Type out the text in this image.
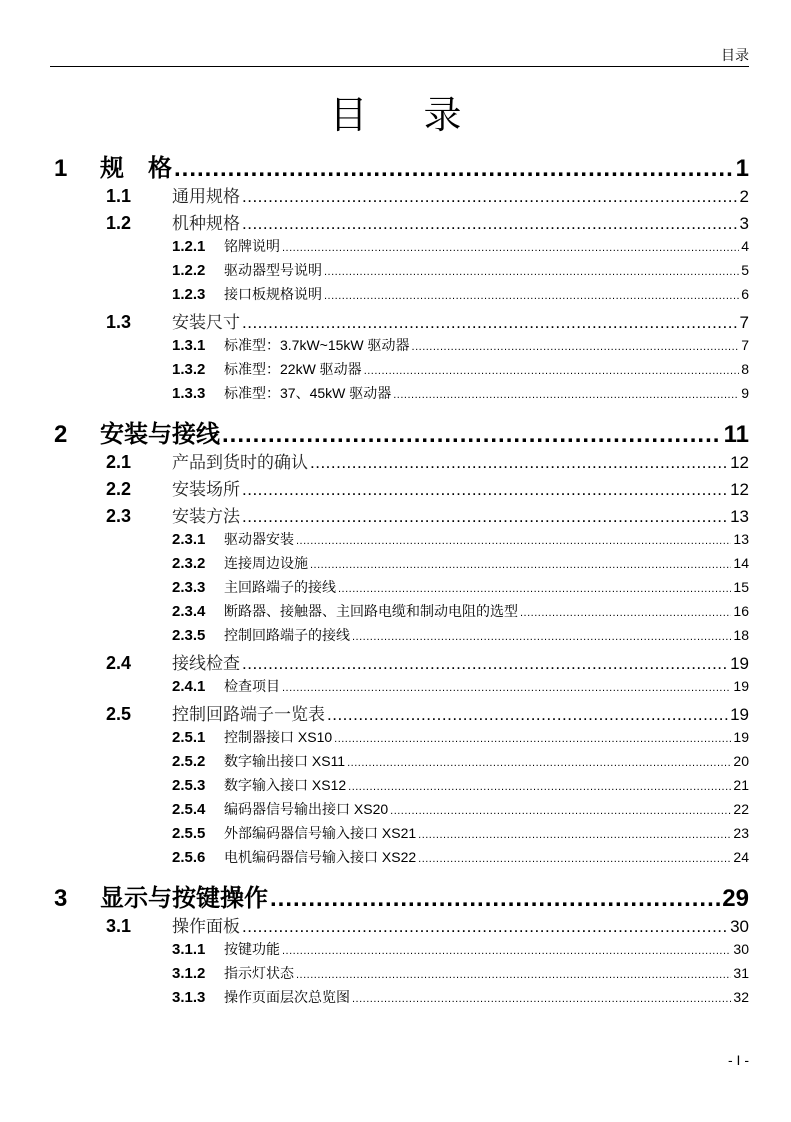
目录
目录
1	规　格 .....	1
1.1	通用规格 .....	2
1.2	机种规格 .....	3
1.2.1	铭牌说明 .....	4
1.2.2	驱动器型号说明 .....	5
1.2.3	接口板规格说明 .....	6
1.3	安装尺寸 .....	7
1.3.1	标准型：3.7kW~15kW 驱动器 .....	7
1.3.2	标准型：22kW 驱动器 .....	8
1.3.3	标准型：37、45kW 驱动器 .....	9
2	安装与接线 .....	11
2.1	产品到货时的确认 .....	12
2.2	安装场所 .....	12
2.3	安装方法 .....	13
2.3.1	驱动器安装 .....	13
2.3.2	连接周边设施 .....	14
2.3.3	主回路端子的接线 .....	15
2.3.4	断路器、接触器、主回路电缆和制动电阻的选型 .....	16
2.3.5	控制回路端子的接线 .....	18
2.4	接线检查 .....	19
2.4.1	检查项目 .....	19
2.5	控制回路端子一览表 .....	19
2.5.1	控制器接口 XS10 .....	19
2.5.2	数字输出接口 XS11 .....	20
2.5.3	数字输入接口 XS12 .....	21
2.5.4	编码器信号输出接口 XS20 .....	22
2.5.5	外部编码器信号输入接口 XS21 .....	23
2.5.6	电机编码器信号输入接口 XS22 .....	24
3	显示与按键操作 .....	29
3.1	操作面板 .....	30
3.1.1	按键功能 .....	30
3.1.2	指示灯状态 .....	31
3.1.3	操作页面层次总览图 .....	32
- I -
